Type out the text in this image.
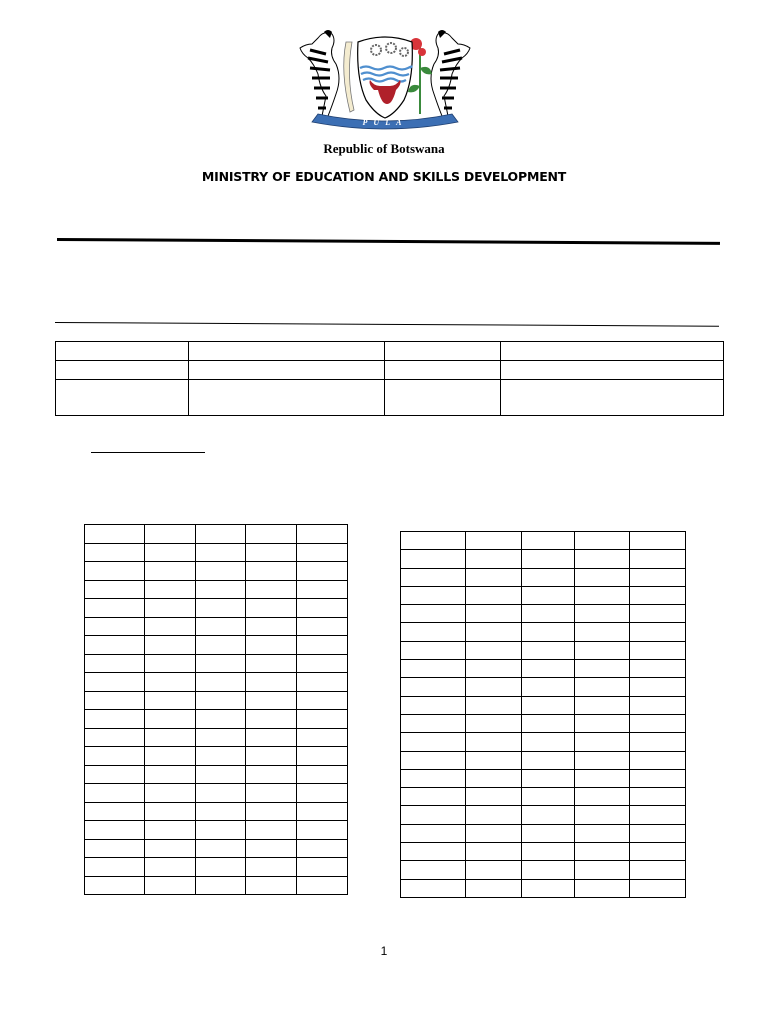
PULA
Republic of Botswana
MINISTRY OF EDUCATION AND SKILLS DEVELOPMENT

1
